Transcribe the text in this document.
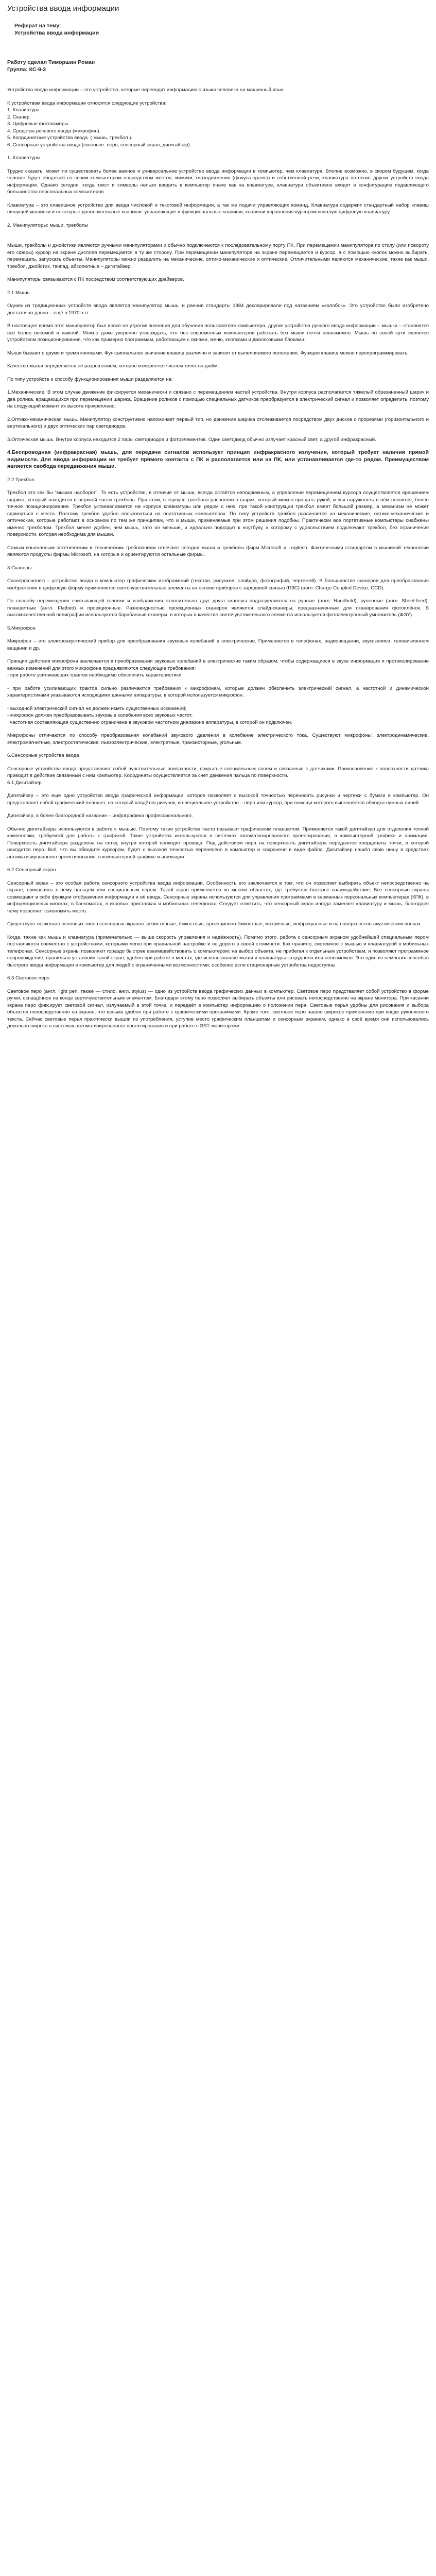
Устройства ввода информации

Реферат на тему:
Устройства ввода информации

Работу сделал Тиморшин Роман
Группа: КС-9-3

Устройства ввода информации – это устройства, которые переводят информацию с языка человека на машинный язык.

К устройствам ввода информации относятся следующие устройства:
1. Клавиатура.
2. Сканер.
3. Цифровые фотокамеры.
4. Средства речевого ввода (микрофон).
5. Координатные устройства ввода  ( мышь, трекбол ).
6. Сенсорные устройства ввода (световое  перо, сенсорный экран, дигитайзер).

1. Клавиатуры

Трудно сказать, может ли существовать более важное и универсальное устройство ввода информации в компьютер, чем клавиатура. Вполне возможно, в скором будущем, когда человек будет общаться со своим компьютером посредством жестов, мимики, глазодвижения (фокуса зрачка) и собственной речи, клавиатура потеснит других устройств ввода информации. Однако сегодня, когда текст и символы нельзя вводить в компьютер иначе как на клавиатуре, клавиатура объективно входит в конфигурацию подавляющего большинства персональных компьютеров.

Клавиатура – это клавишное устройство для ввода числовой и текстовой информации, а так же подачи управляющих команд. Клавиатура содержит стандартный набор клавиш пишущей машинки и некоторые дополнительные клавиши: управляющие и функциональные клавиши, клавиши управления курсором и малую цифровую клавиатуру.

2. Манипуляторы: мыши, трекболы

Мыши, трекболы и джойстики являются ручными манипуляторами и обычно подключаются к последовательному порту ПК. При перемещении манипулятора по столу (или повороту его сферы) курсор на экране дисплея перемещается в ту же сторону. При перемещении манипулятора на экране перемещается и курсор, а с помощью кнопок можно выбирать, перемещать, запускать объекты. Манипуляторы можно разделить на механические, оптико-механические и оптические. Отличительными являются механические, такие как мыши, трекбол, джойстик, тачпад, абсолютные – дигитайзер.

Манипуляторы связываются с ПК посредством соответствующих драйверов.

2.1 Мышь

Одним из традиционных устройств ввода является манипулятор мышь, и ранние стандарты 1984 декларировали под названием «колобок». Это устройство было изобретено достаточно давно – ещё в 1970-х гг.

В настоящее время этот манипулятор был вовсе не утратив значения для обучения пользователя компьютера, другие устройства ручного ввода информации – мышки – становятся всё более весомой и важной. Можно даже уверенно утверждать, что без современных компьютеров работать без мыши почти невозможно. Мышь по своей сути является устройством позиционирования, что как примерно программам, работающим с окнами, меню, кнопками и диалоговыми блоками.

Мыши бывают с двумя и тремя кнопками. Функциональное значение клавиш различно и зависит от выполняемого положения. Функция клавиш можно перепрограммировать.

Качество мыши определяется её разрешением, которое измеряется числом точек на дюйм.

По типу устройств и способу функционирования мыши разделяются на:

1.Механические. В этом случае движение фиксируется механически и связано с перемещением частей устройства. Внутри корпуса располагается тяжёлый обрезиненный шарик и два ролика, вращающихся при перемещении шарика. Вращение роликов с помощью специальных датчиков преобразуется в электрический сигнал и позволяет определить, поэтому на следующий момент их высота прикреплено.

2.Оптико-механическая мышь. Манипулятор конструктивно напоминает первый тип, но движение шарика отслеживается посредством двух дисков с прорезями (горизонтального и вертикального) и двух оптических пар светодиодов.

3.Оптическая мышь. Внутри корпуса находится 2 пары светодиодов и фотоэлементов. Один светодиод обычно излучает красный свет, а другой инфракрасный.

4.Беспроводная (инфракрасная) мышь, для передачи сигналов использует принцип инфракрасного излучения, который требует наличия прямой видимости. Для ввода информации не требует прямого контакта с ПК и располагается или на ПК, или устанавливается где-то рядом. Преимуществом является свобода передвижения мыши.

2.2 Трекбол

Трекбол это как бы "мышка наоборот". То есть устройство, в отличие от мыши, всегда остаётся неподвижным, а управление перемещением курсора осуществляется вращением шарика, который находится в верхней части трекбола. При этом, в корпусе трекбола расположен шарик, который можно вращать рукой, и вся наружность в нём покоится, более точное позиционирование. Трекбол устанавливается на корпусе клавиатуры или рядом с нею, при такой конструкции трекбол имеет большой размер, а механизм не может сдвинуться с места. Поэтому трекбол удобно пользоваться на портативных компьютерах. По типу устройств трекбол различается на механические, оптико-механические и оптические, которые работают в основном по тем же принципам, что и мыши, применяемые при этом решения подобны. Практически все портативные компьютеры снабжены именно трекболом. Трекбол менее удобен, чем мышь, зато он меньше, и идеально подходит к ноутбуку, к которому с удовольствием подключают трекбол, без ограничения поверхности, которая необходима для мышки.

Самым изысканным эстетическим и техническим требованиям отвечают сегодня мыши и трекболы фирм Microsoft и Logitech. Фактическими стандартом в мышиной технологии являются продукты фирмы Microsoft, на которые и ориентируются остальные фирмы.

3.Сканеры

Сканер(scanner) – устройство ввода в компьютер графических изображений (текстов, рисунков, слайдов, фотографий, чертежей). В большинстве сканеров для преобразования изображения в цифровую форму применяются светочувствительные элементы на основе приборов с зарядовой связью (ПЗС) (англ. Charge-Coupled Device, CCD).

По способу перемещения считывающей головки и изображения относительно друг друга сканеры подразделяются на ручные (англ. Handheld), рулонные (англ. Sheet-feed), планшетные (англ. Flatbed) и проекционные. Разновидностью проекционных сканеров являются слайд-сканеры, предназначенные для сканирования фотоплёнок. В высококачественной полиграфии используются барабанные сканеры, в которых в качестве светочувствительного элемента используется фотоэлектронный умножитель (ФЭУ).

5.Микрофон

Микрофон – это электроакустический прибор для преобразования звуковых колебаний в электрические. Применяется в телефонах, радиовещании, звукозаписи, телевизионном вещании и др.

Принцип действия микрофона заключается в преобразовании звуковых колебаний в электрические таким образом, чтобы содержащиеся в звуке информация и протоколирование важных изменений для этого микрофона предъявляются следующие требования:
- при работе усиливающих трактов необходимо обеспечить характеристики;

- при работе усиливающих трактов сильно различаются требования к микрофонам, которые должен обеспечить электрический сигнал, а частотной и динамической характеристиками указываются исходящими данными аппаратуры, в которой используется микрофон.

- выходной электрический сигнал не должен иметь существенных искажений;
- микрофон должен преобразовывать звуковые колебания всех звуковых частот,
частотная составляющая существенно ограничена в звуковом частотном диапазоне аппаратуры, в которой он подключен.

Микрофоны отличаются по способу преобразования колебаний звукового давления в колебание электрического тока. Существуют микрофоны: электродинамические, электромагнитные, электростатические, пьезоэлектрические, электретные, транзисторные, угольные.

6.Сенсорные устройства ввода

Сенсорные устройства ввода представляют собой чувствительные поверхности, покрытые специальным слоем и связанные с датчиками. Прикосновение к поверхности датчика приводит в действие связанный с ним компьютер. Координаты осуществляется за счёт движения пальца по поверхности.
6.1 Дигитайзер

Дигитайзер – это ещё одно устройство ввода графической информации, которое позволяет с высокой точностью переносить рисунки и чертежи с бумаги в компьютер. Он представляет собой графический планшет, на который кладётся рисунок, и специальное устройство – перо или курсор, при помощи которого выполняется обводка нужных линий.

Дигитайзер, в более благородной название – инфографика профессионального.

Обычно дигитайзеры используются в работе с мышью. Поэтому такие устройства часто называют графическим планшетом. Применяется такой дигитайзер для отделения точной компоновки, требуемой для работы с графикой. Такие устройства используются в системах автоматизированного проектирования, в компьютерной графике и анимации. Поверхность дигитайзера разделена на сетку, внутри которой проходят провода. Под действием пера на поверхность дигитайзера передаются координаты точки, в которой находится перо. Всё, что вы обводите курсором, будет с высокой точностью перенесено в компьютер и сохранено в виде файла. Дигитайзер нашёл свою нишу в средствах автоматизированного проектирования, в компьютерной графике и анимации.

6.2 Сенсорный экран

Сенсорный экран – это особая работа сенсорного устройства ввода информации. Особенность его заключается в том, что он позволяет выбирать объект непосредственно на экране, прикасаясь к нему пальцем или специальным пером. Такой экран применяется во многих областях, где требуется быстрое взаимодействие. Все сенсорные экраны совмещают в себе функции отображения информации и её ввода. Сенсорные экраны используются для управления программами в карманных персональных компьютерах (КПК), в информационных киосках, в банкоматах, в игровых приставках и мобильных телефонах. Следует отметить, что сенсорный экран иногда заменяет клавиатуру и мышь, благодаря чему позволяет сэкономить место.

Существуют несколько основных типов сенсорных экранов: резистивные, ёмкостные, проекционно-ёмкостные, матричные, инфракрасные и на поверхностно-акустических волнах.

Когда, также как мышь и клавиатура (примечательно — выше скорость управления и надёжность). Помимо этого, работа с сенсорным экраном удобнейшей специальным пером поставляются совместно с устройствами, которыми легко при правильной настройке и не дорого в своей стоимости. Как правило, системное с мышью и клавиатурой в мобильных телефонах. Сенсорные экраны позволяют гораздо быстрее взаимодействовать с компьютером: на выбор объекта, не прибегая к отдельным устройствам, и позволяют программное сопровождение, правильно установив такой экран, удобно при работе в местах, где использование мыши и клавиатуры затруднено или невозможно. Это один из немногих способов быстрого ввода информации в компьютер для людей с ограниченными возможностями, особенно если стационарные устройства недоступны.

6.3 Световое перо

Световое перо (англ. light pen, также — стило, англ. stylus) — одно из устройств ввода графических данных в компьютер. Световое перо представляет собой устройство в форме ручки, оснащённое на конце светочувствительным элементом. Благодаря этому перо позволяет выбирать объекты или рисовать непосредственно на экране монитора. При касании экрана перо фиксирует световой сигнал, излучаемый в этой точке, и передаёт в компьютер информацию о положении пера. Световые перья удобны для рисования и выбора объектов непосредственно на экране, что весьма удобно при работе с графическими программами. Кроме того, световое перо нашло широкое применение при вводе рукописного текста. Сейчас световые перья практически вышли из употребления, уступив место графическим планшетам и сенсорным экранам, однако в своё время они использовались довольно широко в системах автоматизированного проектирования и при работе с ЭЛТ-мониторами.
